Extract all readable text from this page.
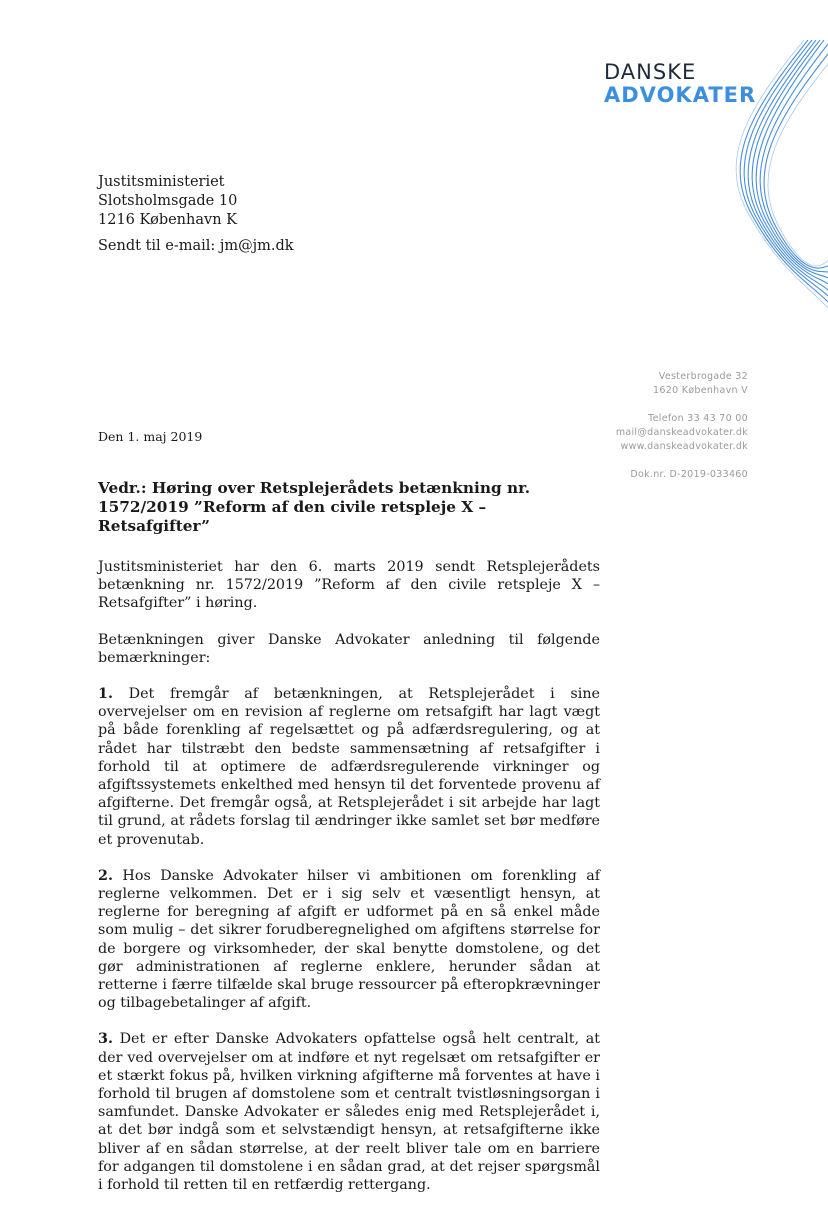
DANSKE
ADVOKATER
Justitsministeriet
Slotsholmsgade 10
1216 København K
Sendt til e-mail: jm@jm.dk
Vesterbrogade 32
1620 København V
Telefon 33 43 70 00
mail@danskeadvokater.dk
www.danskeadvokater.dk
Dok.nr. D-2019-033460
Den 1. maj 2019
Vedr.: Høring over Retsplejerådets betænkning nr. 1572/2019 ”Reform af den civile retspleje X – Retsafgifter”

Justitsministeriet har den 6. marts 2019 sendt Retsplejerådets betænkning nr. 1572/2019 ”Reform af den civile retspleje X –Retsafgifter” i høring.

Betænkningen giver Danske Advokater anledning til følgende bemærkninger:

1. Det fremgår af betænkningen, at Retsplejerådet i sine overvejelser om en revision af reglerne om retsafgift har lagt vægt på både forenkling af regelsættet og på adfærdsregulering, og at rådet har tilstræbt den bedste sammensætning af retsafgifter i forhold til at optimere de adfærdsregulerende virkninger og afgiftssystemets enkelthed med hensyn til det forventede provenu af afgifterne. Det fremgår også, at Retsplejerådet i sit arbejde har lagt til grund, at rådets forslag til ændringer ikke samlet set bør medføre et provenutab.

2. Hos Danske Advokater hilser vi ambitionen om forenkling af reglerne velkommen. Det er i sig selv et væsentligt hensyn, at reglerne for beregning af afgift er udformet på en så enkel måde som mulig – det sikrer forudberegnelighed om afgiftens størrelse for de borgere og virksomheder, der skal benytte domstolene, og det gør administrationen af reglerne enklere, herunder sådan at retterne i færre tilfælde skal bruge ressourcer på efteropkrævninger og tilbagebetalinger af afgift.

3. Det er efter Danske Advokaters opfattelse også helt centralt, at der ved overvejelser om at indføre et nyt regelsæt om retsafgifter er et stærkt fokus på, hvilken virkning afgifterne må forventes at have i forhold til brugen af domstolene som et centralt tvistløsningsorgan i samfundet. Danske Advokater er således enig med Retsplejerådet i, at det bør indgå som et selvstændigt hensyn, at retsafgifterne ikke bliver af en sådan størrelse, at der reelt bliver tale om en barriere for adgangen til domstolene i en sådan grad, at det rejser spørgsmål i forhold til retten til en retfærdig rettergang.
